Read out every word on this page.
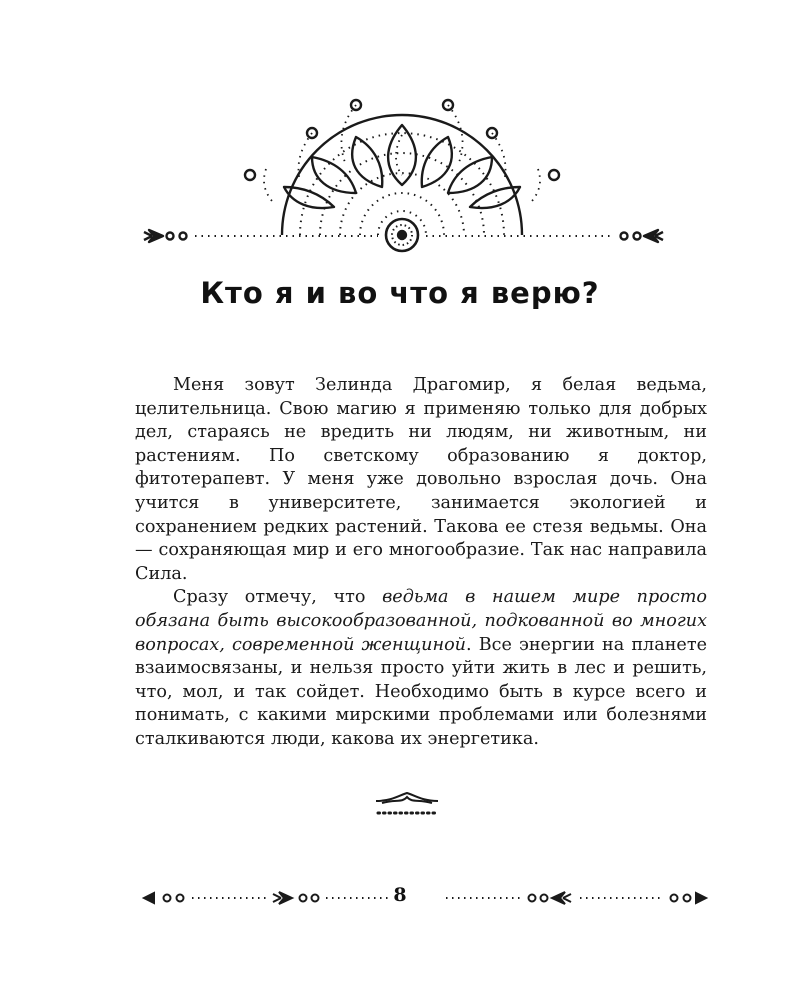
Кто я и во что я верю?

Меня зовут Зелинда Драгомир, я белая ведьма, целительница. Свою магию я применяю только для добрых дел, стараясь не вредить ни людям, ни животным, ни растениям. По светскому образованию я доктор, фитотерапевт. У меня уже довольно взрослая дочь. Она учится в университете, занимается экологией и сохранением редких растений. Такова ее стезя ведьмы. Она — сохраняющая мир и его многообразие. Так нас направила Сила.

Сразу отмечу, что ведьма в нашем мире просто обязана быть высокообразованной, подкованной во многих вопросах, современной женщиной. Все энергии на планете взаимосвязаны, и нельзя просто уйти жить в лес и решить, что, мол, и так сойдет. Необходимо быть в курсе всего и понимать, с какими мирскими проблемами или болезнями сталкиваются люди, какова их энергетика.

8
